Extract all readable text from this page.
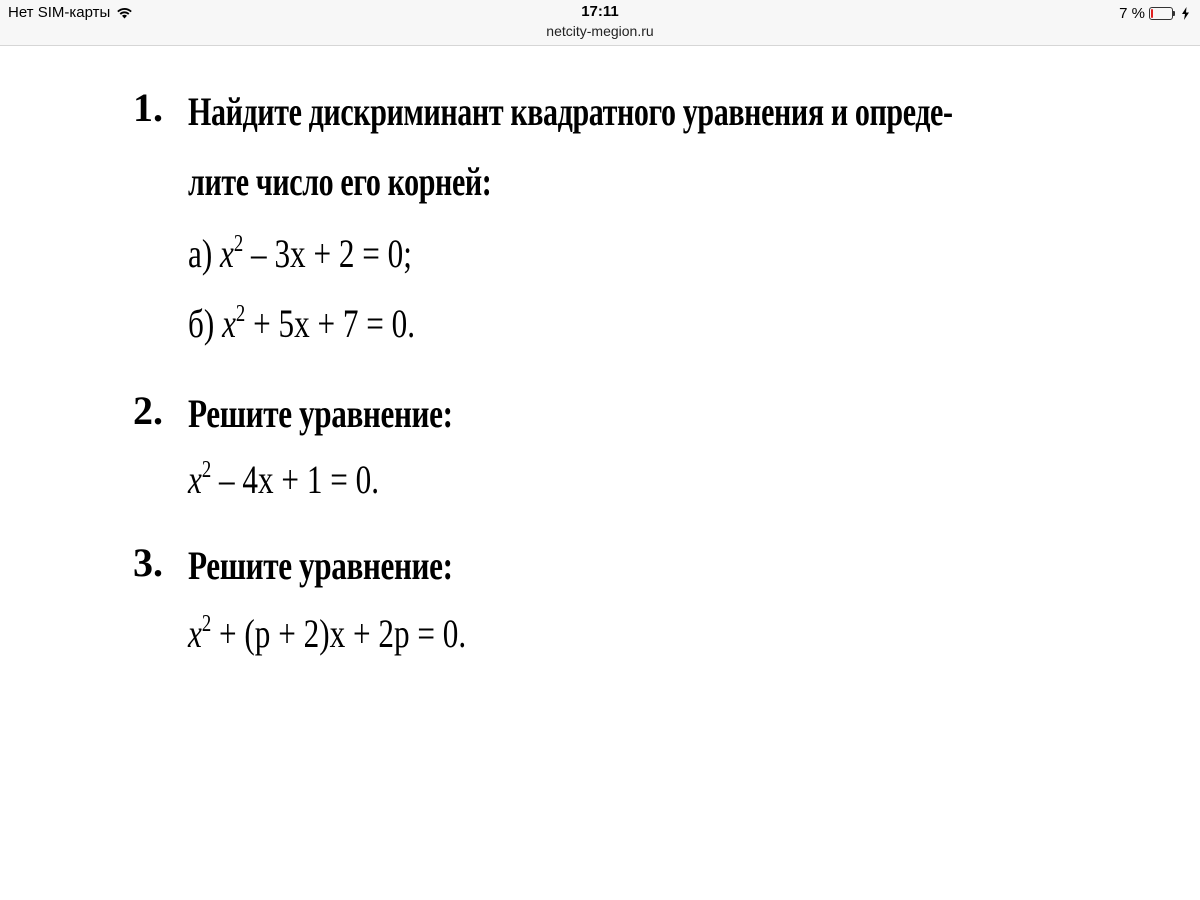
Нет SIM-карты	17:11
netcity-megion.ru
7 %
1. Найдите дискриминант квадратного уравнения и опреде-
лите число его корней:
а) $x^2 - 3x + 2 = 0$;
б) $x^2 + 5x + 7 = 0$.
2. Решите уравнение:
$x^2 - 4x + 1 = 0$.
3. Решите уравнение:
$x^2 + (p + 2)x + 2p = 0$.
